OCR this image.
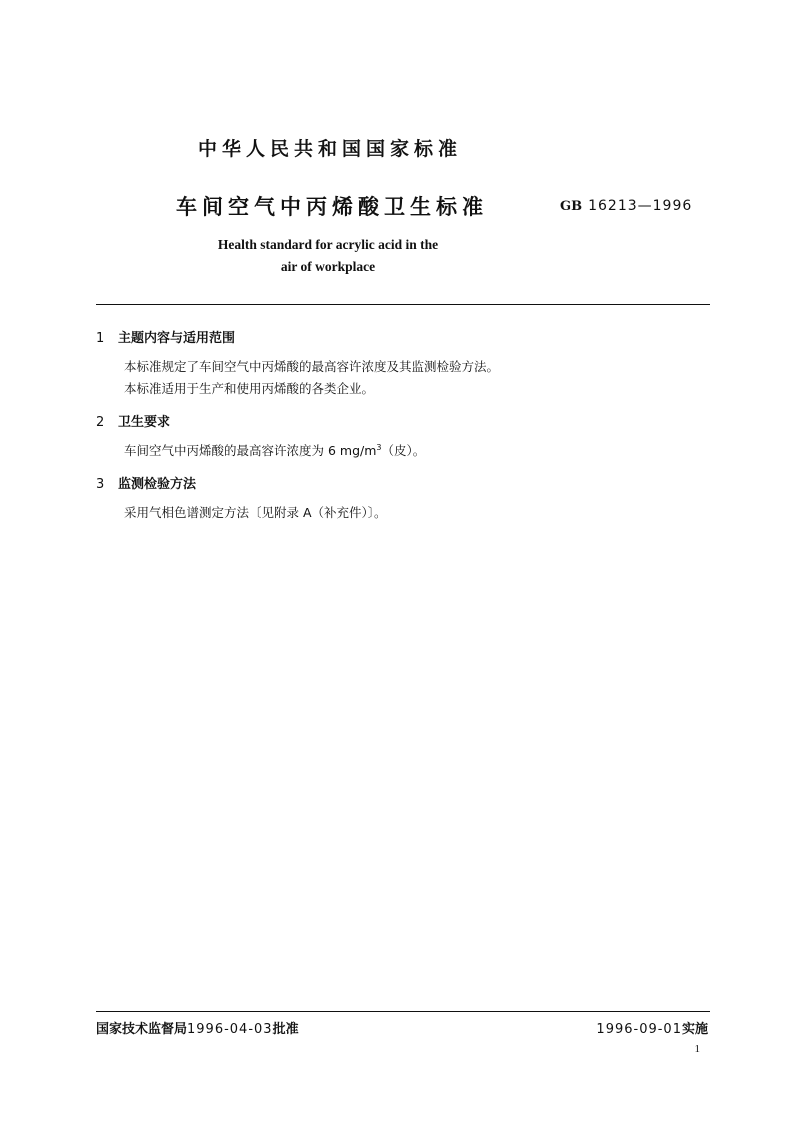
中华人民共和国国家标准
车间空气中丙烯酸卫生标准	GB 16213—1996
Health standard for acrylic acid in the
air of workplace
1 主题内容与适用范围
本标准规定了车间空气中丙烯酸的最高容许浓度及其监测检验方法。
本标准适用于生产和使用丙烯酸的各类企业。
2 卫生要求
车间空气中丙烯酸的最高容许浓度为 6 $mg/m^3$（皮）。
3 监测检验方法
采用气相色谱测定方法〔见附录 A（补充件）〕。
国家技术监督局1996-04-03批准	1996-09-01实施
1
